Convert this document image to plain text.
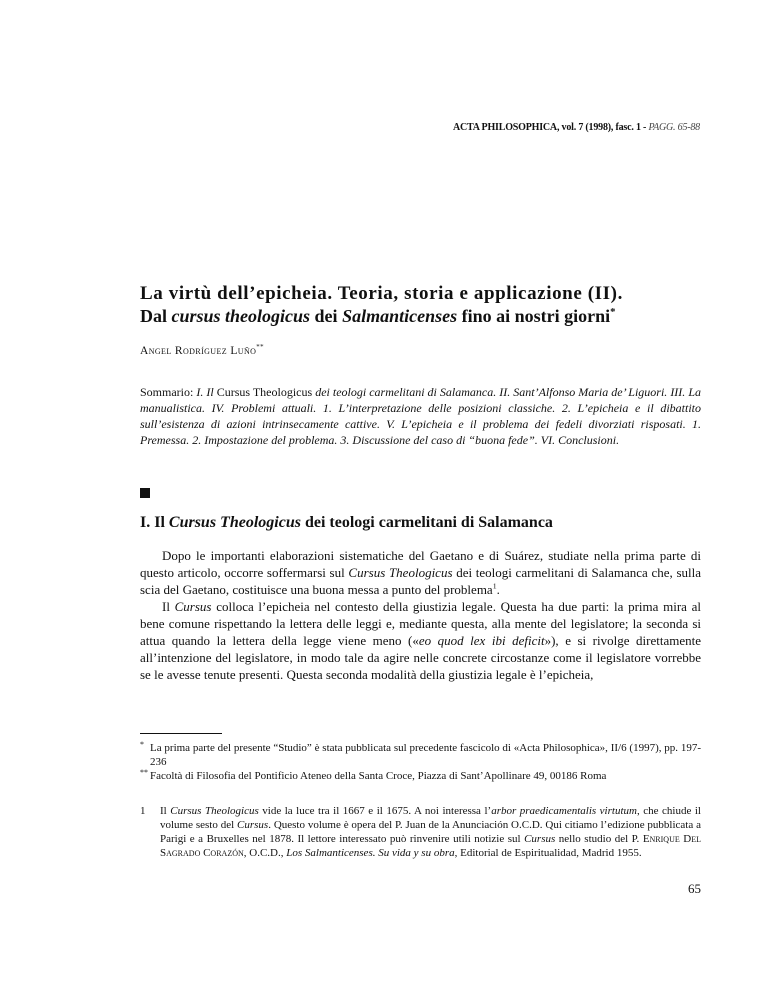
ACTA PHILOSOPHICA, vol. 7 (1998), fasc. 1 - PAGG. 65-88

La virtù dell’epicheia. Teoria, storia e applicazione (II).

Dal cursus theologicus dei Salmanticenses fino ai nostri giorni*

Angel Rodríguez Luño**

Sommario: I. Il Cursus Theologicus dei teologi carmelitani di Salamanca. II. Sant’Alfonso Maria de’ Liguori. III. La manualistica. IV. Problemi attuali. 1. L’interpretazione delle posizioni classiche. 2. L’epicheia e il dibattito sull’esistenza di azioni intrinsecamente cattive. V. L’epicheia e il problema dei fedeli divorziati risposati. 1. Premessa. 2. Impostazione del problema. 3. Discussione del caso di “buona fede”. VI. Conclusioni.

I. Il Cursus Theologicus dei teologi carmelitani di Salamanca

Dopo le importanti elaborazioni sistematiche del Gaetano e di Suárez, studiate nella prima parte di questo articolo, occorre soffermarsi sul Cursus Theologicus dei teologi carmelitani di Salamanca che, sulla scia del Gaetano, costituisce una buona messa a punto del problema$^1$.

Il Cursus colloca l’epicheia nel contesto della giustizia legale. Questa ha due parti: la prima mira al bene comune rispettando la lettera delle leggi e, mediante questa, alla mente del legislatore; la seconda si attua quando la lettera della legge viene meno («eo quod lex ibi deficit»), e si rivolge direttamente all’intenzione del legislatore, in modo tale da agire nelle concrete circostanze come il legislatore vorrebbe se le avesse tenute presenti. Questa seconda modalità della giustizia legale è l’epicheia,

* La prima parte del presente “Studio” è stata pubblicata sul precedente fascicolo di «Acta Philosophica», II/6 (1997), pp. 197-236
** Facoltà di Filosofia del Pontificio Ateneo della Santa Croce, Piazza di Sant’Apollinare 49, 00186 Roma
1	Il Cursus Theologicus vide la luce tra il 1667 e il 1675. A noi interessa l’arbor praedicamentalis virtutum, che chiude il volume sesto del Cursus. Questo volume è opera del P. Juan de la Anunciación O.C.D. Qui citiamo l’edizione pubblicata a Parigi e a Bruxelles nel 1878. Il lettore interessato può rinvenire utili notizie sul Cursus nello studio del P. Enrique Del Sagrado Corazón, O.C.D., Los Salmanticenses. Su vida y su obra, Editorial de Espiritualidad, Madrid 1955.
65
